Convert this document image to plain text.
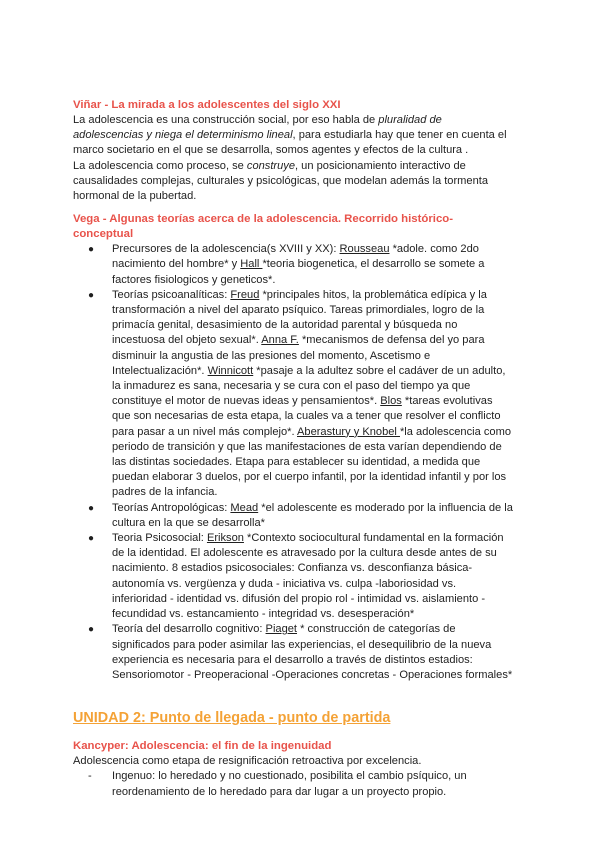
Viñar - La mirada a los adolescentes del siglo XXI

La adolescencia es una construcción social, por eso habla de pluralidad de adolescencias y niega el determinismo lineal, para estudiarla hay que tener en cuenta el marco societario en el que se desarrolla, somos agentes y efectos de la cultura .

La adolescencia como proceso, se construye, un posicionamiento interactivo de causalidades complejas, culturales y psicológicas, que modelan además la tormenta hormonal de la pubertad.

Vega - Algunas teorías acerca de la adolescencia. Recorrido histórico-conceptual

● Precursores de la adolescencia(s XVIII y XX): Rousseau *adole. como 2do nacimiento del hombre* y Hall *teoria biogenetica, el desarrollo se somete a factores fisiologicos y geneticos*.
● Teorías psicoanalíticas: Freud *principales hitos, la problemática edípica y la transformación a nivel del aparato psíquico. Tareas primordiales, logro de la primacía genital, desasimiento de la autoridad parental y búsqueda no incestuosa del objeto sexual*. Anna F. *mecanismos de defensa del yo para disminuir la angustia de las presiones del momento, Ascetismo e Intelectualización*. Winnicott *pasaje a la adultez sobre el cadáver de un adulto, la inmadurez es sana, necesaria y se cura con el paso del tiempo ya que constituye el motor de nuevas ideas y pensamientos*. Blos *tareas evolutivas que son necesarias de esta etapa, la cuales va a tener que resolver el conflicto para pasar a un nivel más complejo*. Aberastury y Knobel *la adolescencia como periodo de transición y que las manifestaciones de esta varían dependiendo de las distintas sociedades. Etapa para establecer su identidad, a medida que puedan elaborar 3 duelos, por el cuerpo infantil, por la identidad infantil y por los padres de la infancia.
● Teorías Antropológicas: Mead *el adolescente es moderado por la influencia de la cultura en la que se desarrolla*
● Teoria Psicosocial: Erikson *Contexto sociocultural fundamental en la formación de la identidad. El adolescente es atravesado por la cultura desde antes de su nacimiento. 8 estadios psicosociales: Confianza vs. desconfianza básica- autonomía vs. vergüenza y duda - iniciativa vs. culpa -laboriosidad vs. inferioridad - identidad vs. difusión del propio rol - intimidad vs. aislamiento - fecundidad vs. estancamiento - integridad vs. desesperación*
● Teoría del desarrollo cognitivo: Piaget * construcción de categorías de significados para poder asimilar las experiencias, el desequilibrio de la nueva experiencia es necesaria para el desarrollo a través de distintos estadios: Sensoriomotor - Preoperacional -Operaciones concretas - Operaciones formales*

UNIDAD 2: Punto de llegada - punto de partida

Kancyper: Adolescencia: el fin de la ingenuidad

Adolescencia como etapa de resignificación retroactiva por excelencia.

-	Ingenuo: lo heredado y no cuestionado, posibilita el cambio psíquico, un reordenamiento de lo heredado para dar lugar a un proyecto propio.
